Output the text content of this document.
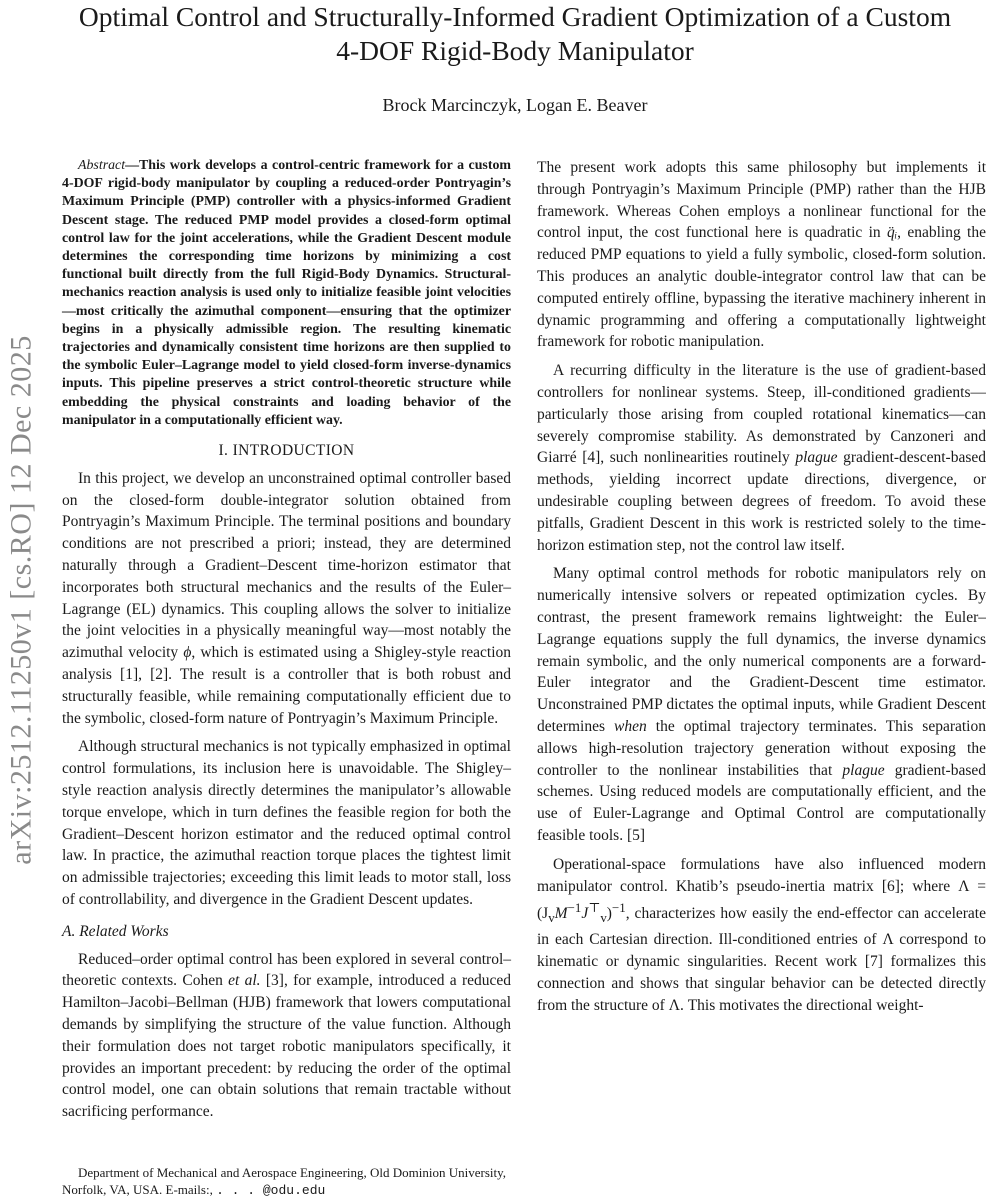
arXiv:2512.11250v1 [cs.RO] 12 Dec 2025
Optimal Control and Structurally-Informed Gradient Optimization of a Custom 4-DOF Rigid-Body Manipulator
Brock Marcinczyk, Logan E. Beaver

Abstract—This work develops a control-centric framework for a custom 4-DOF rigid-body manipulator by coupling a reduced-order Pontryagin’s Maximum Principle (PMP) controller with a physics-informed Gradient Descent stage. The reduced PMP model provides a closed-form optimal control law for the joint accelerations, while the Gradient Descent module determines the corresponding time horizons by minimizing a cost functional built directly from the full Rigid-Body Dynamics. Structural-mechanics reaction analysis is used only to initialize feasible joint velocities—most critically the azimuthal component—ensuring that the optimizer begins in a physically admissible region. The resulting kinematic trajectories and dynamically consistent time horizons are then supplied to the symbolic Euler–Lagrange model to yield closed-form inverse-dynamics inputs. This pipeline preserves a strict control-theoretic structure while embedding the physical constraints and loading behavior of the manipulator in a computationally efficient way.

I. INTRODUCTION

In this project, we develop an unconstrained optimal controller based on the closed-form double-integrator solution obtained from Pontryagin’s Maximum Principle. The terminal positions and boundary conditions are not prescribed a priori; instead, they are determined naturally through a Gradient–Descent time-horizon estimator that incorporates both structural mechanics and the results of the Euler–Lagrange (EL) dynamics. This coupling allows the solver to initialize the joint velocities in a physically meaningful way—most notably the azimuthal velocity ϕ, which is estimated using a Shigley-style reaction analysis [1], [2]. The result is a controller that is both robust and structurally feasible, while remaining computationally efficient due to the symbolic, closed-form nature of Pontryagin’s Maximum Principle.

Although structural mechanics is not typically emphasized in optimal control formulations, its inclusion here is unavoidable. The Shigley–style reaction analysis directly determines the manipulator’s allowable torque envelope, which in turn defines the feasible region for both the Gradient–Descent horizon estimator and the reduced optimal control law. In practice, the azimuthal reaction torque places the tightest limit on admissible trajectories; exceeding this limit leads to motor stall, loss of controllability, and divergence in the Gradient Descent updates.

A. Related Works

Reduced–order optimal control has been explored in several control–theoretic contexts. Cohen et al. [3], for example, introduced a reduced Hamilton–Jacobi–Bellman (HJB) framework that lowers computational demands by simplifying the structure of the value function. Although their formulation does not target robotic manipulators specifically, it provides an important precedent: by reducing the order of the optimal control model, one can obtain solutions that remain tractable without sacrificing performance.

The present work adopts this same philosophy but implements it through Pontryagin’s Maximum Principle (PMP) rather than the HJB framework. Whereas Cohen employs a nonlinear functional for the control input, the cost functional here is quadratic in q̈ᵢ, enabling the reduced PMP equations to yield a fully symbolic, closed-form solution. This produces an analytic double-integrator control law that can be computed entirely offline, bypassing the iterative machinery inherent in dynamic programming and offering a computationally lightweight framework for robotic manipulation.

A recurring difficulty in the literature is the use of gradient-based controllers for nonlinear systems. Steep, ill-conditioned gradients—particularly those arising from coupled rotational kinematics—can severely compromise stability. As demonstrated by Canzoneri and Giarré [4], such nonlinearities routinely plague gradient-descent-based methods, yielding incorrect update directions, divergence, or undesirable coupling between degrees of freedom. To avoid these pitfalls, Gradient Descent in this work is restricted solely to the time-horizon estimation step, not the control law itself.

Many optimal control methods for robotic manipulators rely on numerically intensive solvers or repeated optimization cycles. By contrast, the present framework remains lightweight: the Euler–Lagrange equations supply the full dynamics, the inverse dynamics remain symbolic, and the only numerical components are a forward-Euler integrator and the Gradient-Descent time estimator. Unconstrained PMP dictates the optimal inputs, while Gradient Descent determines when the optimal trajectory terminates. This separation allows high-resolution trajectory generation without exposing the controller to the nonlinear instabilities that plague gradient-based schemes. Using reduced models are computationally efficient, and the use of Euler-Lagrange and Optimal Control are computationally feasible tools. [5]

Operational-space formulations have also influenced modern manipulator control. Khatib’s pseudo-inertia matrix [6]; where $\Lambda = (J_vM^{-1}J^⊤_v)^{-1}$, characterizes how easily the end-effector can accelerate in each Cartesian direction. Ill-conditioned entries of Λ correspond to kinematic or dynamic singularities. Recent work [7] formalizes this connection and shows that singular behavior can be detected directly from the structure of Λ. This motivates the directional weight-

Department of Mechanical and Aerospace Engineering, Old Dominion University, Norfolk, VA, USA. E-mails:, . . . @odu.edu
